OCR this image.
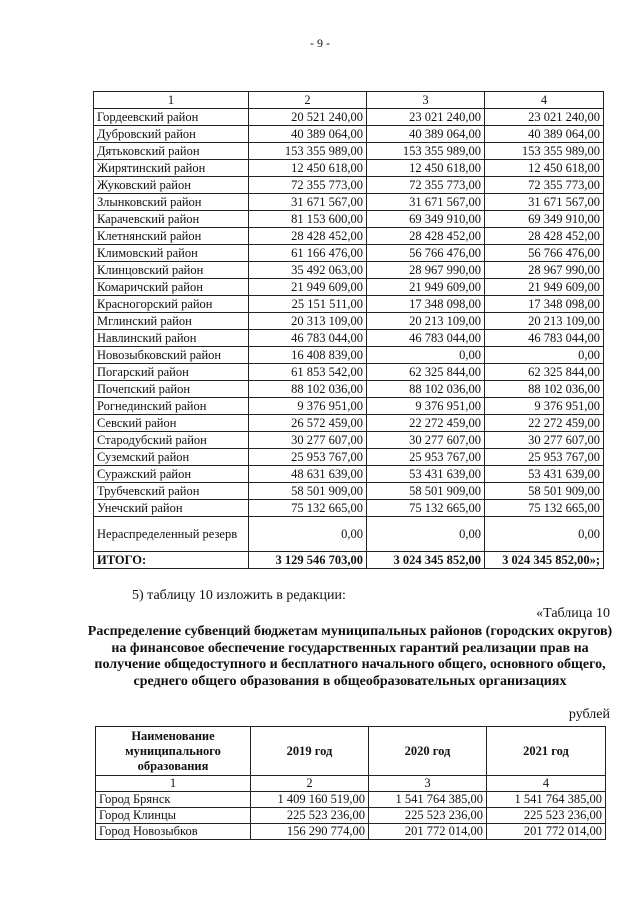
- 9 -
1	2	3	4
Гордеевский район	20 521 240,00	23 021 240,00	23 021 240,00
Дубровский район	40 389 064,00	40 389 064,00	40 389 064,00
Дятьковский район	153 355 989,00	153 355 989,00	153 355 989,00
Жирятинский район	12 450 618,00	12 450 618,00	12 450 618,00
Жуковский район	72 355 773,00	72 355 773,00	72 355 773,00
Злынковский район	31 671 567,00	31 671 567,00	31 671 567,00
Карачевский район	81 153 600,00	69 349 910,00	69 349 910,00
Клетнянский район	28 428 452,00	28 428 452,00	28 428 452,00
Климовский район	61 166 476,00	56 766 476,00	56 766 476,00
Клинцовский район	35 492 063,00	28 967 990,00	28 967 990,00
Комаричский район	21 949 609,00	21 949 609,00	21 949 609,00
Красногорский район	25 151 511,00	17 348 098,00	17 348 098,00
Мглинский район	20 313 109,00	20 213 109,00	20 213 109,00
Навлинский район	46 783 044,00	46 783 044,00	46 783 044,00
Новозыбковский район	16 408 839,00	0,00	0,00
Погарский район	61 853 542,00	62 325 844,00	62 325 844,00
Почепский район	88 102 036,00	88 102 036,00	88 102 036,00
Рогнединский район	9 376 951,00	9 376 951,00	9 376 951,00
Севский район	26 572 459,00	22 272 459,00	22 272 459,00
Стародубский район	30 277 607,00	30 277 607,00	30 277 607,00
Суземский район	25 953 767,00	25 953 767,00	25 953 767,00
Суражский район	48 631 639,00	53 431 639,00	53 431 639,00
Трубчевский район	58 501 909,00	58 501 909,00	58 501 909,00
Унечский район	75 132 665,00	75 132 665,00	75 132 665,00
Нераспределенный резерв	0,00	0,00	0,00
ИТОГО:	3 129 546 703,00	3 024 345 852,00	3 024 345 852,00»;
5) таблицу 10 изложить в редакции:
«Таблица 10
Распределение субвенций бюджетам муниципальных районов (городских округов) на финансовое обеспечение государственных гарантий реализации прав на получение общедоступного и бесплатного начального общего, основного общего, среднего общего образования в общеобразовательных организациях
рублей
Наименование муниципального образования	2019 год	2020 год	2021 год
1	2	3	4
Город Брянск	1 409 160 519,00	1 541 764 385,00	1 541 764 385,00
Город Клинцы	225 523 236,00	225 523 236,00	225 523 236,00
Город Новозыбков	156 290 774,00	201 772 014,00	201 772 014,00
